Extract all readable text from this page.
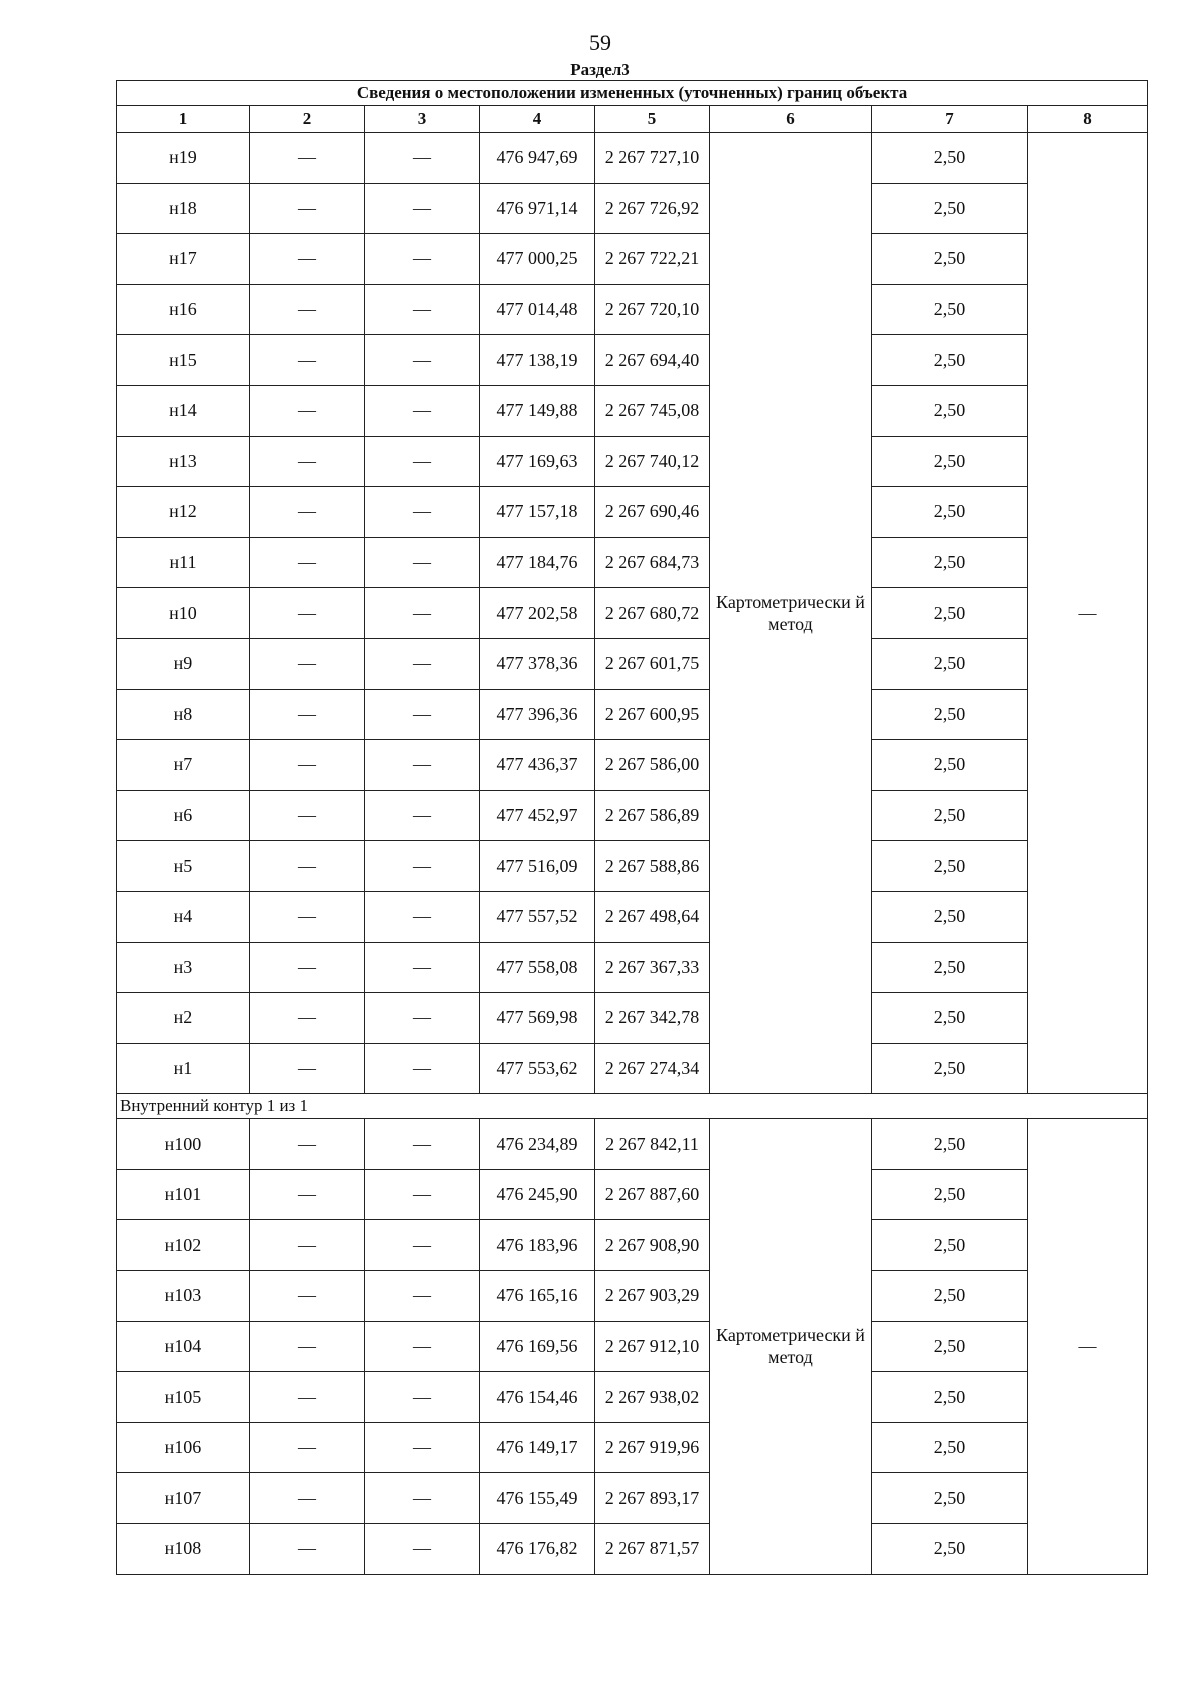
59
Раздел3
Сведения о местоположении измененных (уточненных) границ объекта							
1	2	3	4	5	6	7	8
н19	—	—	476 947,69	2 267 727,10	Картометрически й метод	2,50	—
н18	—	—	476 971,14	2 267 726,92		2,50	
н17	—	—	477 000,25	2 267 722,21		2,50	
н16	—	—	477 014,48	2 267 720,10		2,50	
н15	—	—	477 138,19	2 267 694,40		2,50	
н14	—	—	477 149,88	2 267 745,08		2,50	
н13	—	—	477 169,63	2 267 740,12		2,50	
н12	—	—	477 157,18	2 267 690,46		2,50	
н11	—	—	477 184,76	2 267 684,73		2,50	
н10	—	—	477 202,58	2 267 680,72		2,50	
н9	—	—	477 378,36	2 267 601,75		2,50	
н8	—	—	477 396,36	2 267 600,95		2,50	
н7	—	—	477 436,37	2 267 586,00		2,50	
н6	—	—	477 452,97	2 267 586,89		2,50	
н5	—	—	477 516,09	2 267 588,86		2,50	
н4	—	—	477 557,52	2 267 498,64		2,50	
н3	—	—	477 558,08	2 267 367,33		2,50	
н2	—	—	477 569,98	2 267 342,78		2,50	
н1	—	—	477 553,62	2 267 274,34		2,50	
Внутренний контур 1 из 1							
н100	—	—	476 234,89	2 267 842,11	Картометрически й метод	2,50	—
н101	—	—	476 245,90	2 267 887,60		2,50	
н102	—	—	476 183,96	2 267 908,90		2,50	
н103	—	—	476 165,16	2 267 903,29		2,50	
н104	—	—	476 169,56	2 267 912,10		2,50	
н105	—	—	476 154,46	2 267 938,02		2,50	
н106	—	—	476 149,17	2 267 919,96		2,50	
н107	—	—	476 155,49	2 267 893,17		2,50	
н108	—	—	476 176,82	2 267 871,57		2,50	
